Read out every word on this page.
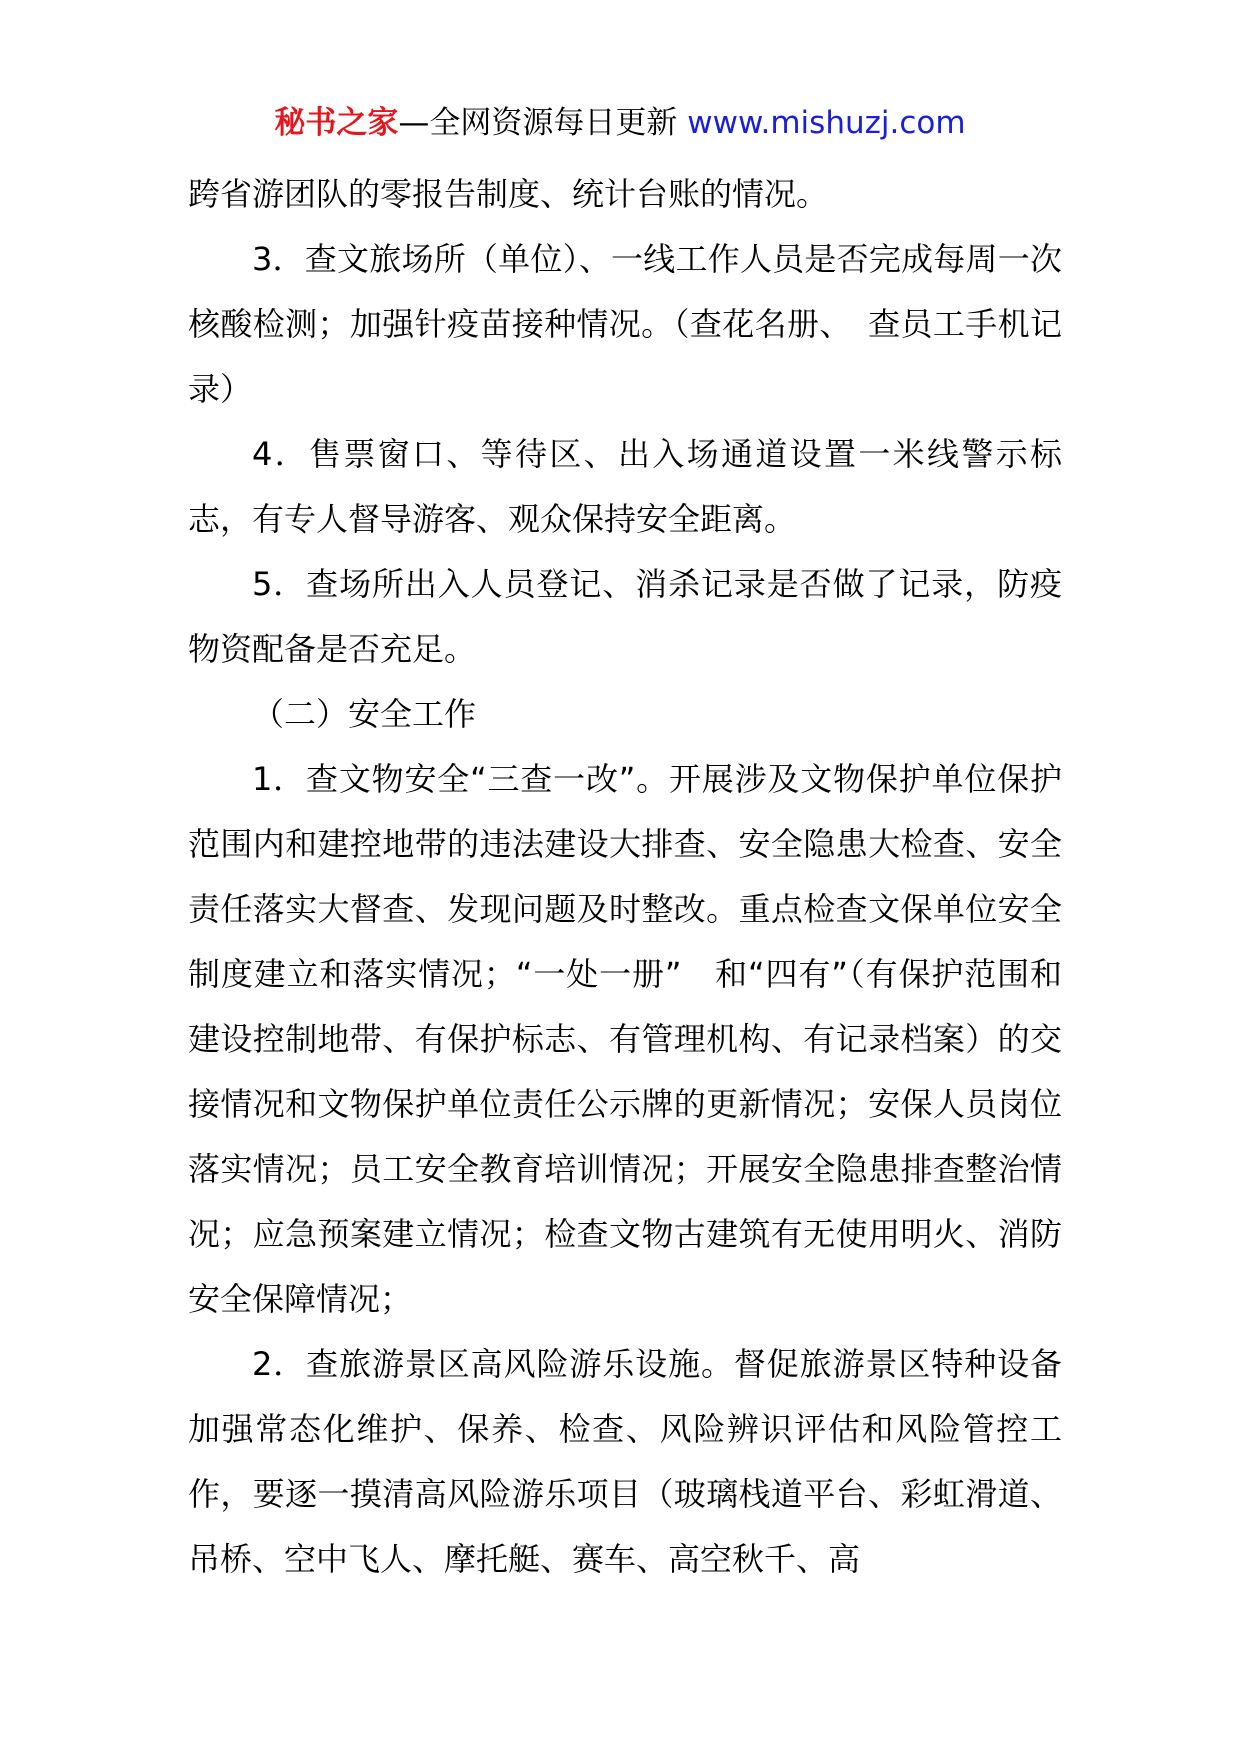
秘书之家—全网资源每日更新 www.mishuzj.com

跨省游团队的零报告制度、统计台账的情况。

3．查文旅场所（单位）、一线工作人员是否完成每周一次核酸检测；加强针疫苗接种情况。（查花名册、　查员工手机记录）

4．售票窗口、等待区、出入场通道设置一米线警示标志，有专人督导游客、观众保持安全距离。

5．查场所出入人员登记、消杀记录是否做了记录，防疫物资配备是否充足。

（二）安全工作

1．查文物安全“三查一改”。开展涉及文物保护单位保护范围内和建控地带的违法建设大排查、安全隐患大检查、安全责任落实大督查、发现问题及时整改。重点检查文保单位安全制度建立和落实情况；“一处一册”　和“四有”（有保护范围和建设控制地带、有保护标志、有管理机构、有记录档案）的交接情况和文物保护单位责任公示牌的更新情况；安保人员岗位落实情况；员工安全教育培训情况；开展安全隐患排查整治情况；应急预案建立情况；检查文物古建筑有无使用明火、消防安全保障情况；

2．查旅游景区高风险游乐设施。督促旅游景区特种设备加强常态化维护、保养、检查、风险辨识评估和风险管控工作，要逐一摸清高风险游乐项目（玻璃栈道平台、彩虹滑道、吊桥、空中飞人、摩托艇、赛车、高空秋千、高
